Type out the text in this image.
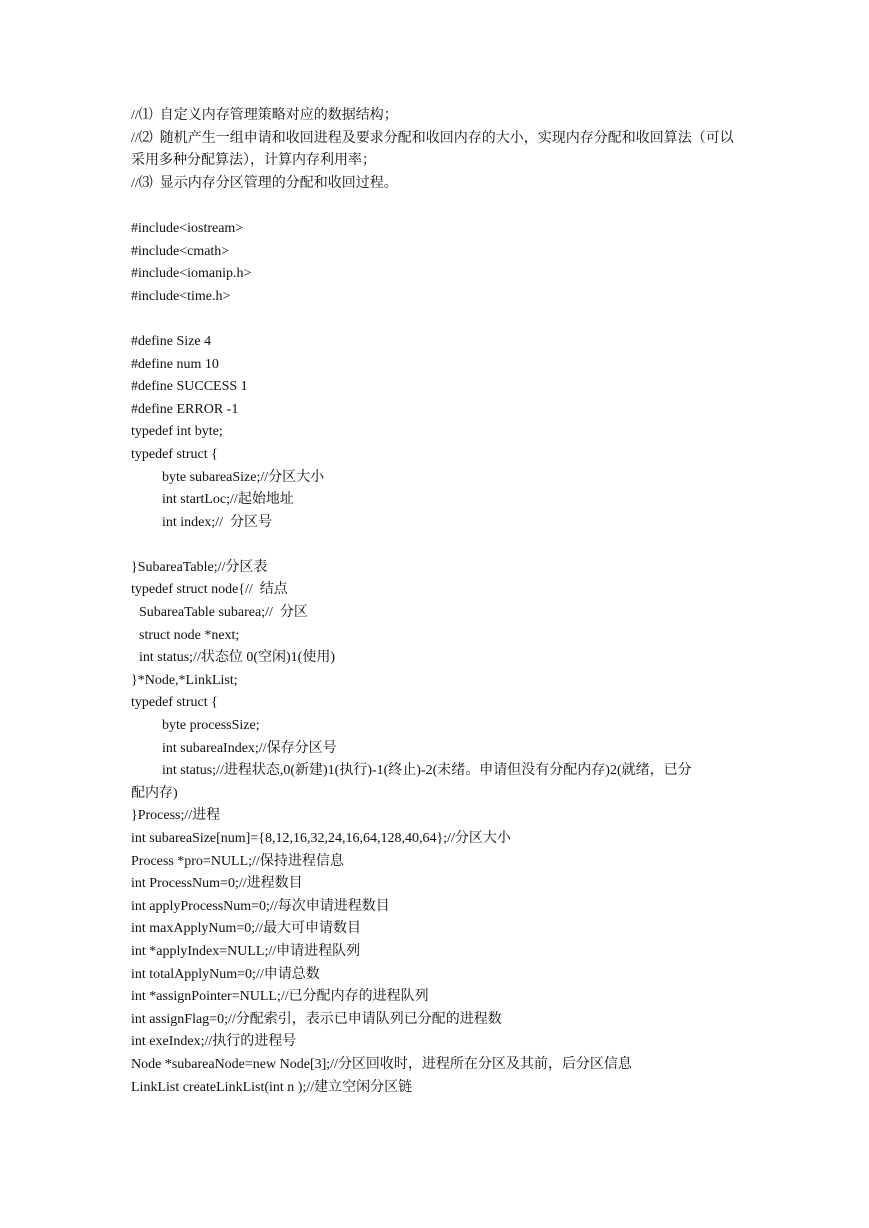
//⑴  自定义内存管理策略对应的数据结构；
//⑵  随机产生一组申请和收回进程及要求分配和收回内存的大小，实现内存分配和收回算法（可以采用多种分配算法），计算内存利用率；
//⑶  显示内存分区管理的分配和收回过程。
#include<iostream>
#include<cmath>
#include<iomanip.h>
#include<time.h>
#define Size 4
#define num 10
#define SUCCESS 1
#define ERROR -1
typedef int byte;
typedef struct {
byte subareaSize;//分区大小
int startLoc;//起始地址
int index;//  分区号
}SubareaTable;//分区表
typedef struct node{//  结点
SubareaTable subarea;//  分区
struct node *next;
int status;//状态位 0(空闲)1(使用)
}*Node,*LinkList;
typedef struct {
byte processSize;
int subareaIndex;//保存分区号
int status;//进程状态,0(新建)1(执行)-1(终止)-2(未绪。申请但没有分配内存)2(就绪，已分
配内存)
}Process;//进程
int subareaSize[num]={8,12,16,32,24,16,64,128,40,64};//分区大小
Process *pro=NULL;//保持进程信息
int ProcessNum=0;//进程数目
int applyProcessNum=0;//每次申请进程数目
int maxApplyNum=0;//最大可申请数目
int *applyIndex=NULL;//申请进程队列
int totalApplyNum=0;//申请总数
int *assignPointer=NULL;//已分配内存的进程队列
int assignFlag=0;//分配索引，表示已申请队列已分配的进程数
int exeIndex;//执行的进程号
Node *subareaNode=new Node[3];//分区回收时，进程所在分区及其前，后分区信息
LinkList createLinkList(int n );//建立空闲分区链
